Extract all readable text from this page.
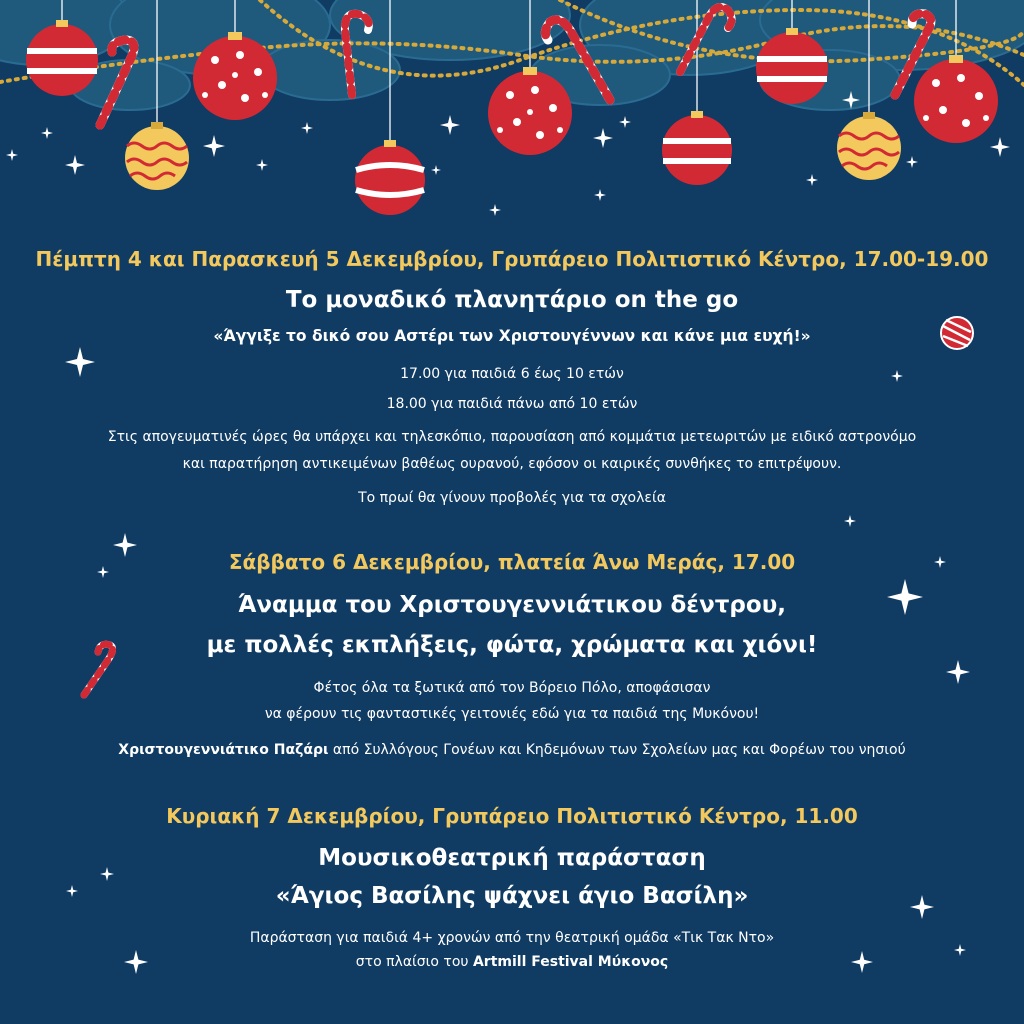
Πέμπτη 4 και Παρασκευή 5 Δεκεμβρίου, Γρυπάρειο Πολιτιστικό Κέντρο, 17.00-19.00
Το μοναδικό πλανητάριο on the go
«Άγγιξε το δικό σου Αστέρι των Χριστουγέννων και κάνε μια ευχή!»
17.00 για παιδιά 6 έως 10 ετών
18.00 για παιδιά πάνω από 10 ετών
Στις απογευματινές ώρες θα υπάρχει και τηλεσκόπιο, παρουσίαση από κομμάτια μετεωριτών με ειδικό αστρονόμο
και παρατήρηση αντικειμένων βαθέως ουρανού, εφόσον οι καιρικές συνθήκες το επιτρέψουν.
Το πρωί θα γίνουν προβολές για τα σχολεία
Σάββατο 6 Δεκεμβρίου, πλατεία Άνω Μεράς, 17.00
Άναμμα του Χριστουγεννιάτικου δέντρου,
με πολλές εκπλήξεις, φώτα, χρώματα και χιόνι!
Φέτος όλα τα ξωτικά από τον Βόρειο Πόλο, αποφάσισαν
να φέρουν τις φανταστικές γειτονιές εδώ για τα παιδιά της Μυκόνου!
Χριστουγεννιάτικο Παζάρι από Συλλόγους Γονέων και Κηδεμόνων των Σχολείων μας και Φορέων του νησιού
Κυριακή 7 Δεκεμβρίου, Γρυπάρειο Πολιτιστικό Κέντρο, 11.00
Μουσικοθεατρική παράσταση
«Άγιος Βασίλης ψάχνει άγιο Βασίλη»
Παράσταση για παιδιά 4+ χρονών από την θεατρική ομάδα «Τικ Τακ Ντο»
στο πλαίσιο του Artmill Festival Μύκονος
